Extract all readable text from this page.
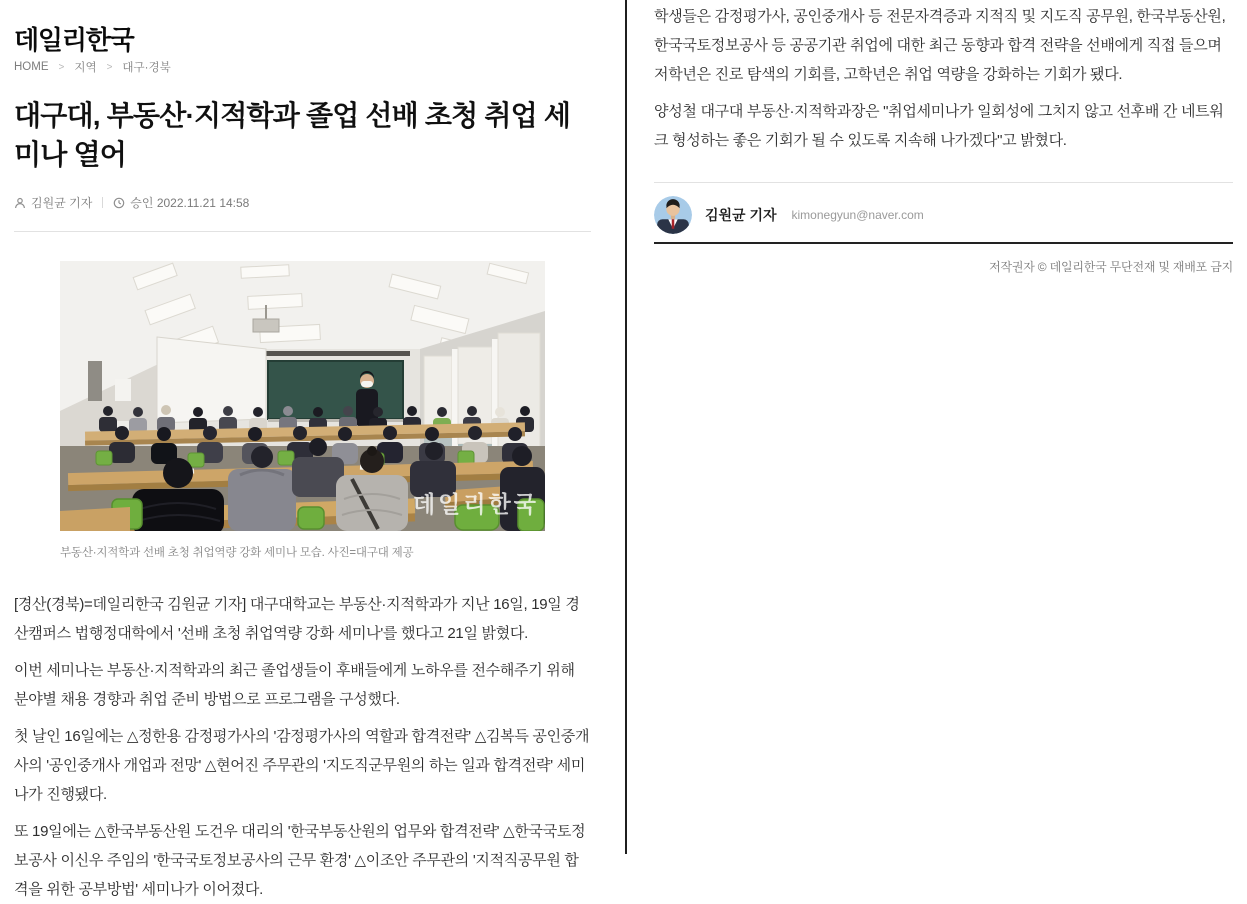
데일리한국
HOME > 지역 > 대구·경북
대구대, 부동산·지적학과 졸업 선배 초청 취업 세미나 열어
김원균 기자	승인 2022.11.21 14:58
데일리한국
부동산·지적학과 선배 초청 취업역량 강화 세미나 모습. 사진=대구대 제공

[경산(경북)=데일리한국 김원균 기자] 대구대학교는 부동산·지적학과가 지난 16일, 19일 경산캠퍼스 법행정대학에서 '선배 초청 취업역량 강화 세미나'를 했다고 21일 밝혔다.

이번 세미나는 부동산·지적학과의 최근 졸업생들이 후배들에게 노하우를 전수해주기 위해 분야별 채용 경향과 취업 준비 방법으로 프로그램을 구성했다.

첫 날인 16일에는 △정한용 감정평가사의 '감정평가사의 역할과 합격전략' △김복득 공인중개사의 '공인중개사 개업과 전망' △현어진 주무관의 '지도직군무원의 하는 일과 합격전략' 세미나가 진행됐다.

또 19일에는 △한국부동산원 도건우 대리의 '한국부동산원의 업무와 합격전략' △한국국토정보공사 이신우 주임의 '한국국토정보공사의 근무 환경' △이조안 주무관의 '지적직공무원 합격을 위한 공부방법' 세미나가 이어졌다.

학생들은 감정평가사, 공인중개사 등 전문자격증과 지적직 및 지도직 공무원, 한국부동산원, 한국국토정보공사 등 공공기관 취업에 대한 최근 동향과 합격 전략을 선배에게 직접 들으며 저학년은 진로 탐색의 기회를, 고학년은 취업 역량을 강화하는 기회가 됐다.

양성철 대구대 부동산·지적학과장은 "취업세미나가 일회성에 그치지 않고 선후배 간 네트워크 형성하는 좋은 기회가 될 수 있도록 지속해 나가겠다"고 밝혔다.

김원균 기자 kimonegyun@naver.com
저작권자 © 데일리한국 무단전재 및 재배포 금지
